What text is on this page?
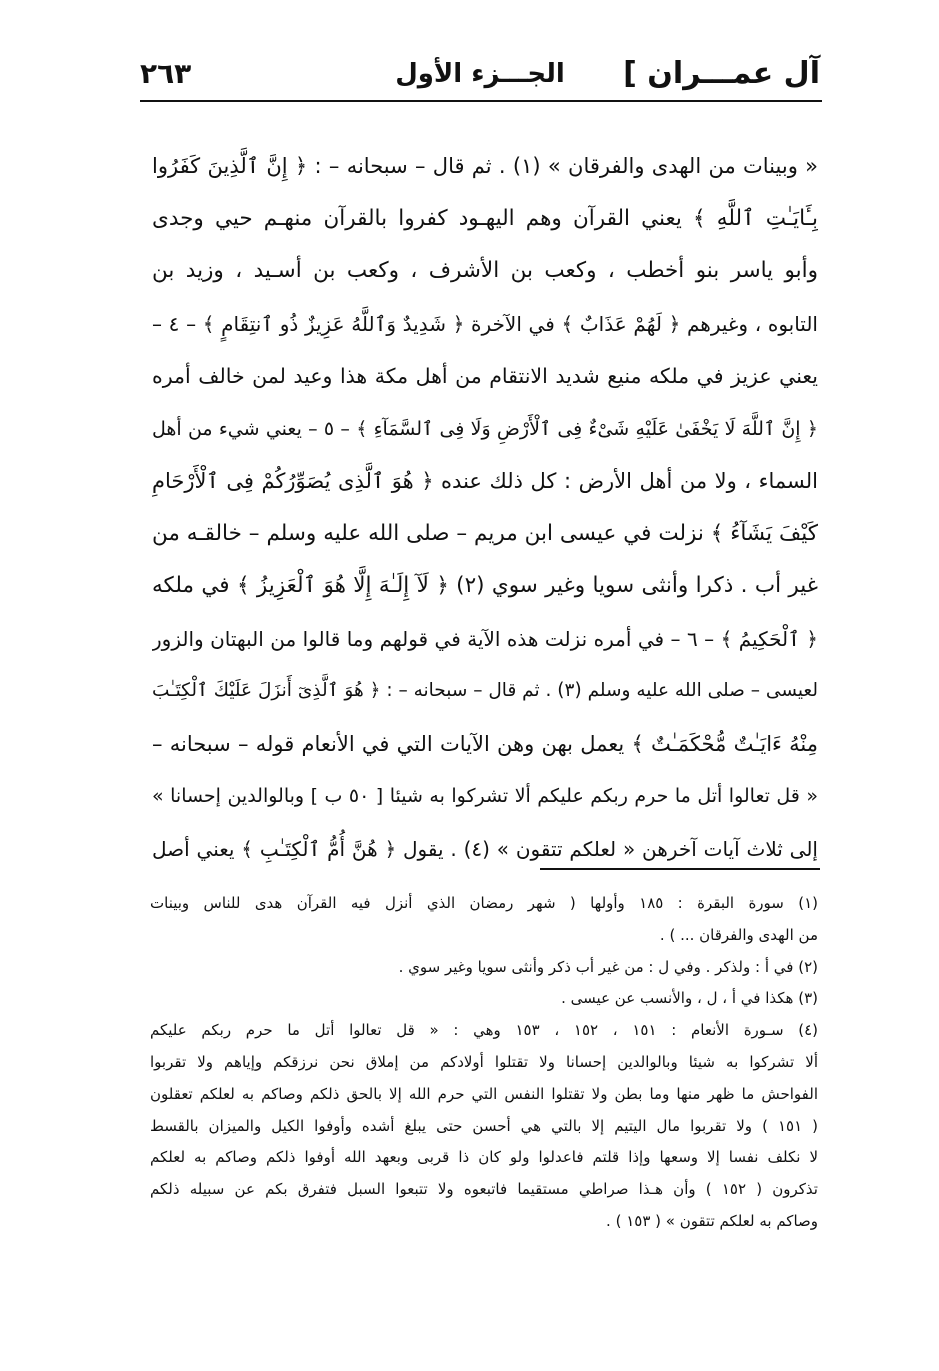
آل عمـــران ]
الجـــزء الأول
٢٦٣
« وبينات من الهدى والفرقان » (١) . ثم قال – سبحانه – : ﴿ إِنَّ ٱلَّذِينَ كَفَرُوا
بِـَٔايَـٰتِ ٱللَّهِ ﴾ يعني القرآن وهم اليهـود كفروا بالقرآن منهـم حيي وجدى
وأبو ياسر بنو أخطب ، وكعب بن الأشرف ، وكعب بن أسـيد ، وزيد بن
التابوه ، وغيرهم ﴿ لَهُمْ عَذَابٌ ﴾ في الآخرة ﴿ شَدِيدٌ وَٱللَّهُ عَزِيزٌ ذُو ٱنتِقَامٍ ﴾ – ٤ –
يعني عزيز في ملكه منيع شديد الانتقام من أهل مكة هذا وعيد لمن خالف أمره
﴿ إِنَّ ٱللَّهَ لَا يَخْفَىٰ عَلَيْهِ شَىْءٌ فِى ٱلْأَرْضِ وَلَا فِى ٱلسَّمَآءِ ﴾ – ٥ – يعني شيء من أهل
السماء ، ولا من أهل الأرض : كل ذلك عنده ﴿ هُوَ ٱلَّذِى يُصَوِّرُكُمْ فِى ٱلْأَرْحَامِ
كَيْفَ يَشَآءُ ﴾ نزلت في عيسى ابن مريم – صلى الله عليه وسلم – خالقـه من
غير أب . ذكرا وأنثى سويا وغير سوي (٢) ﴿ لَآ إِلَـٰهَ إِلَّا هُوَ ٱلْعَزِيزُ ﴾ في ملكه
﴿ ٱلْحَكِيمُ ﴾ – ٦ – في أمره نزلت هذه الآية في قولهم وما قالوا من البهتان والزور
لعيسى – صلى الله عليه وسلم (٣) . ثم قال – سبحانه – : ﴿ هُوَ ٱلَّذِىٓ أَنزَلَ عَلَيْكَ ٱلْكِتَـٰبَ
مِنْهُ ءَايَـٰتٌ مُّحْكَمَـٰتٌ ﴾ يعمل بهن وهن الآيات التي في الأنعام قوله – سبحانه –
« قل تعالوا أتل ما حرم ربكم عليكم ألا تشركوا به شيئا [ ٥٠ ب ] وبالوالدين إحسانا »
إلى ثلاث آيات آخرهن « لعلكم تتقون » (٤) . يقول ﴿ هُنَّ أُمُّ ٱلْكِتَـٰبِ ﴾ يعني أصل
(١) سورة البقرة : ١٨٥ وأولها ( شهر رمضان الذي أنزل فيه القرآن هدى للناس وبينات
من الهدى والفرقان ... ) .
(٢) في أ : ولذكر . وفي ل : من غير أب ذكر وأنثى سويا وغير سوي .
(٣) هكذا في أ ، ل ، والأنسب عن عيسى .
(٤) سـورة الأنعام : ١٥١ ، ١٥٢ ، ١٥٣ وهي : « قل تعالوا أتل ما حرم ربكم عليكم
ألا تشركوا به شيئا وبالوالدين إحسانا ولا تقتلوا أولادكم من إملاق نحن نرزقكم وإياهم ولا تقربوا
الفواحش ما ظهر منها وما بطن ولا تقتلوا النفس التي حرم الله إلا بالحق ذلكم وصاكم به لعلكم تعقلون
( ١٥١ ) ولا تقربوا مال اليتيم إلا بالتي هي أحسن حتى يبلغ أشده وأوفوا الكيل والميزان بالقسط
لا نكلف نفسا إلا وسعها وإذا قلتم فاعدلوا ولو كان ذا قربى وبعهد الله أوفوا ذلكم وصاكم به لعلكم
تذكرون ( ١٥٢ ) وأن هـذا صراطي مستقيما فاتبعوه ولا تتبعوا السبل فتفرق بكم عن سبيله ذلكم
وصاكم به لعلكم تتقون » ( ١٥٣ ) .
